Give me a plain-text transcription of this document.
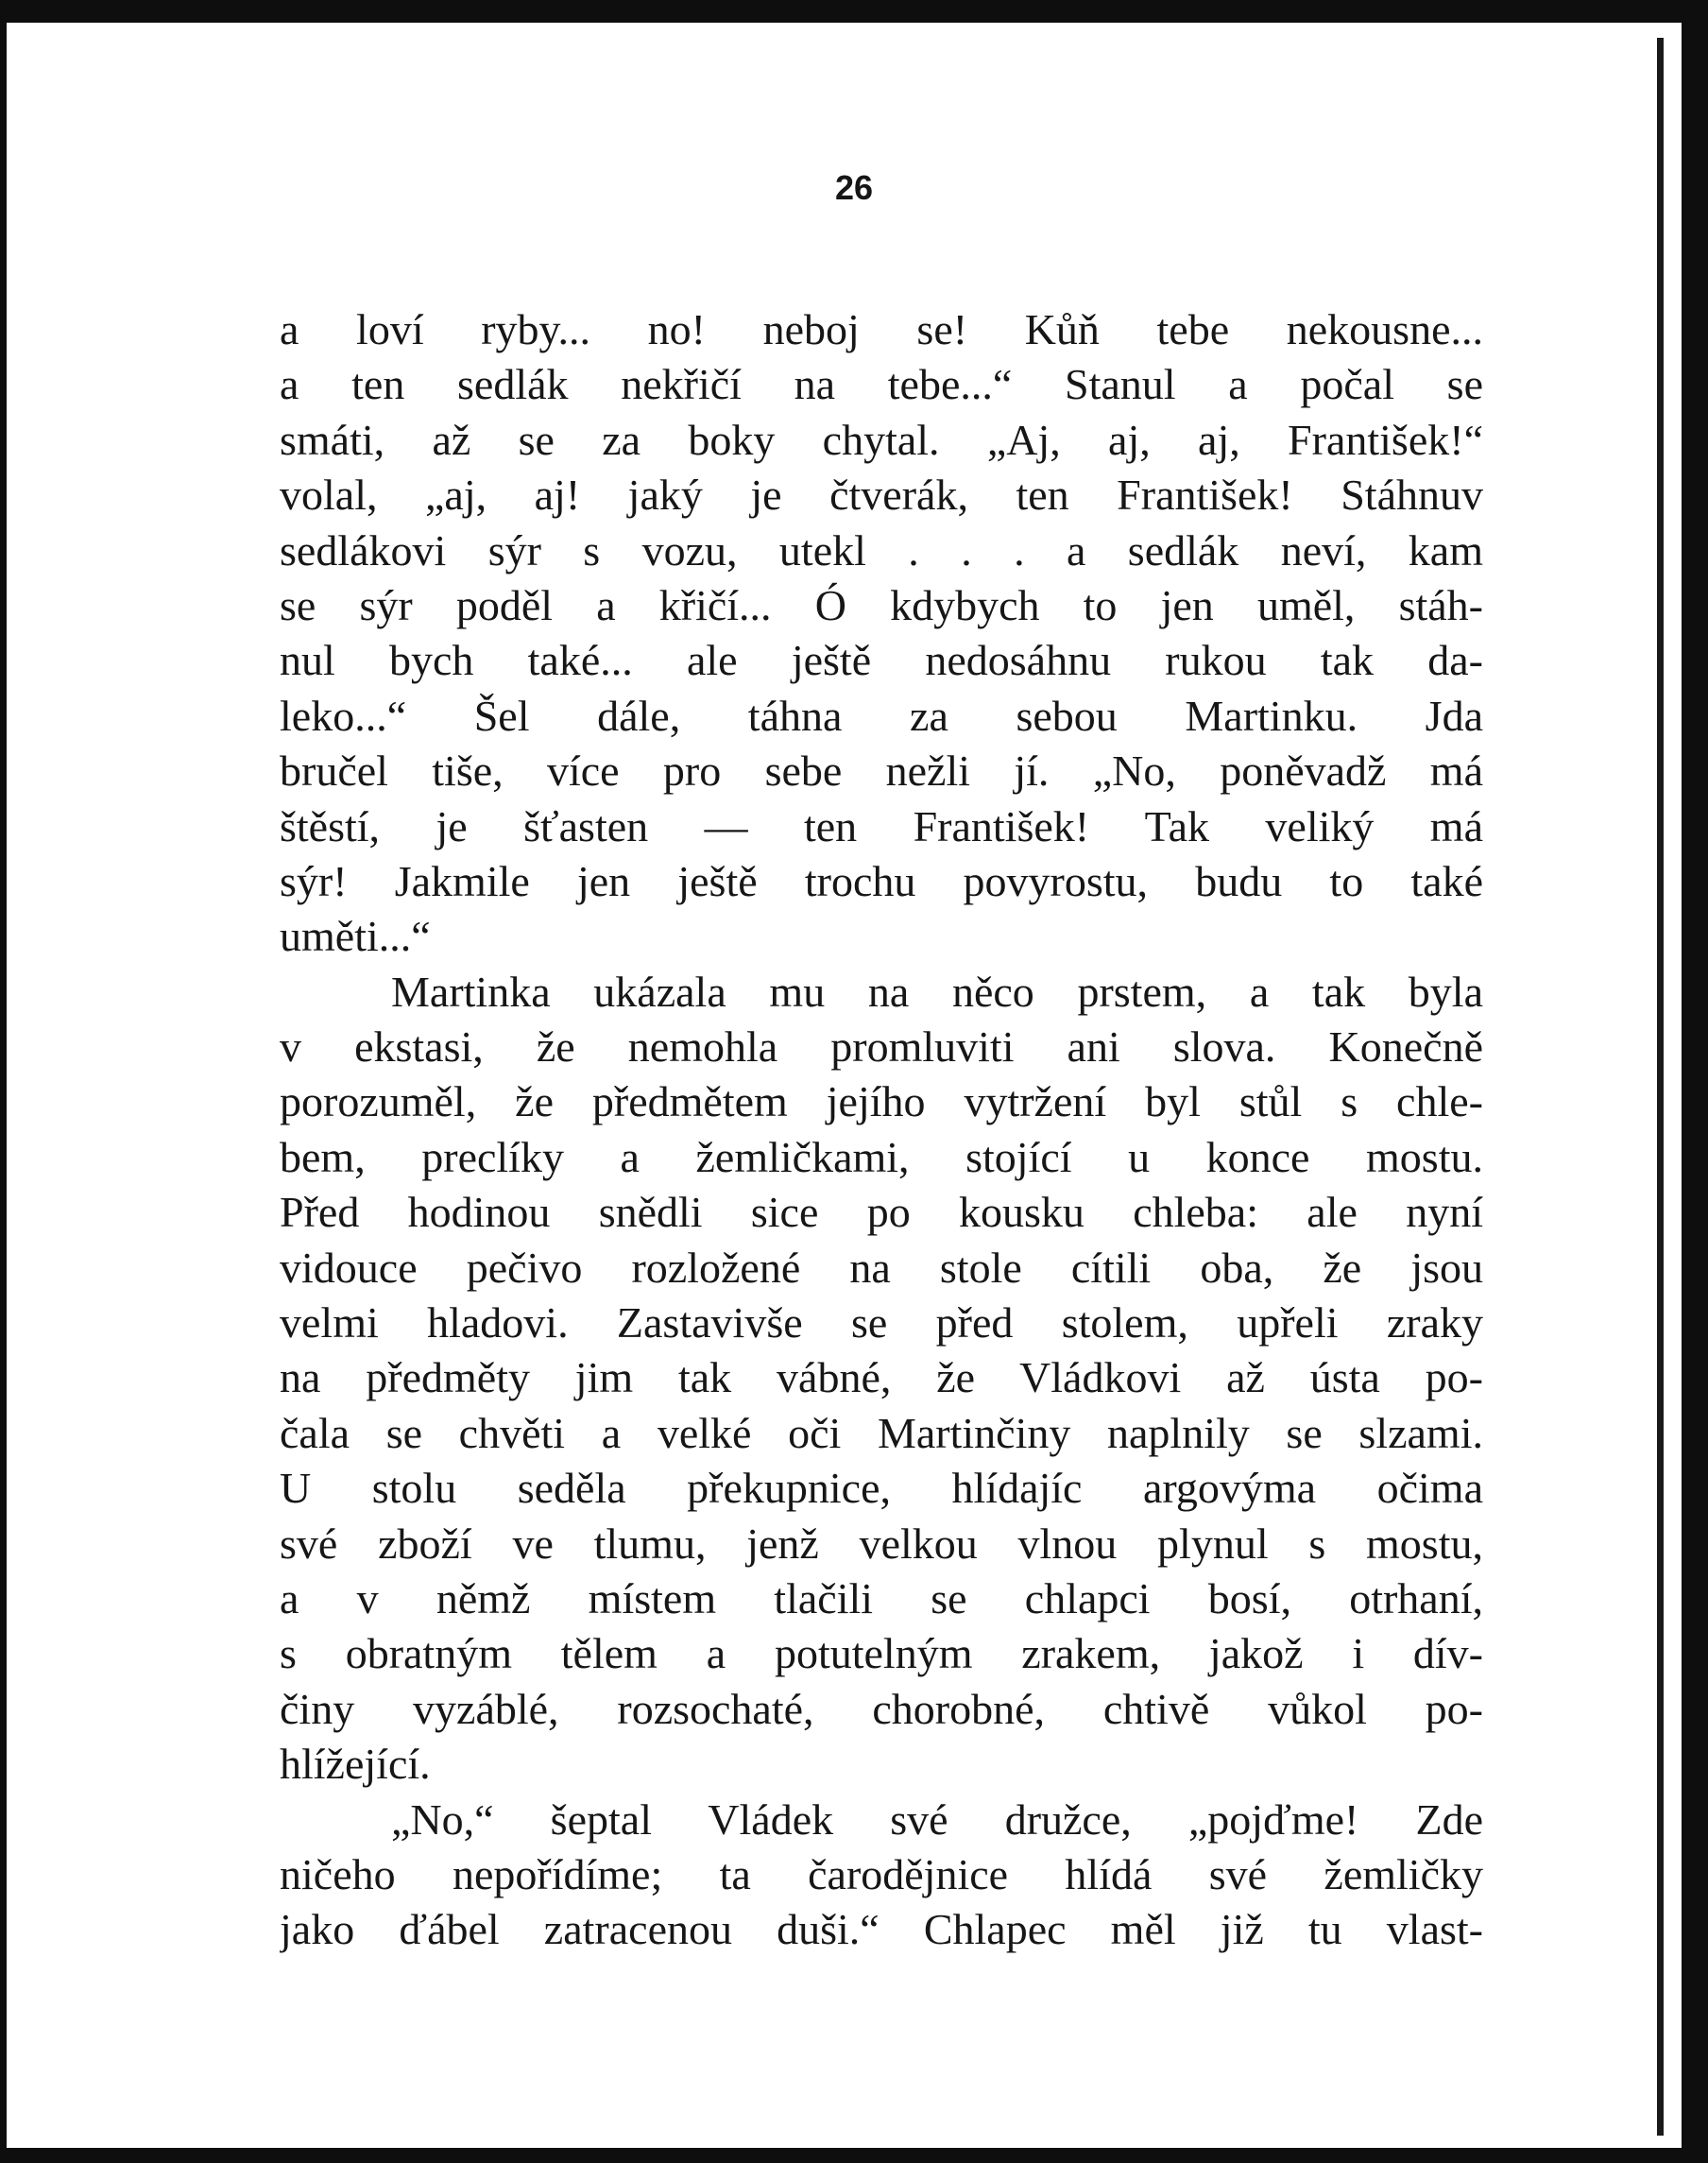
26
a loví ryby... no! neboj se! Kůň tebe nekousne...
a ten sedlák nekřičí na tebe...“ Stanul a počal se
smáti, až se za boky chytal. „Aj, aj, aj, František!“
volal, „aj, aj! jaký je čtverák, ten František! Stáhnuv
sedlákovi sýr s vozu, utekl . . . a sedlák neví, kam
se sýr poděl a křičí... Ó kdybych to jen uměl, stáh-
nul bych také... ale ještě nedosáhnu rukou tak da-
leko...“ Šel dále, táhna za sebou Martinku. Jda
bručel tiše, více pro sebe nežli jí. „No, poněvadž má
štěstí, je šťasten — ten František! Tak veliký má
sýr! Jakmile jen ještě trochu povyrostu, budu to také
uměti...“
Martinka ukázala mu na něco prstem, a tak byla
v ekstasi, že nemohla promluviti ani slova. Konečně
porozuměl, že předmětem jejího vytržení byl stůl s chle-
bem, preclíky a žemličkami, stojící u konce mostu.
Před hodinou snědli sice po kousku chleba: ale nyní
vidouce pečivo rozložené na stole cítili oba, že jsou
velmi hladovi. Zastavivše se před stolem, upřeli zraky
na předměty jim tak vábné, že Vládkovi až ústa po-
čala se chvěti a velké oči Martinčiny naplnily se slzami.
U stolu seděla překupnice, hlídajíc argovýma očima
své zboží ve tlumu, jenž velkou vlnou plynul s mostu,
a v němž místem tlačili se chlapci bosí, otrhaní,
s obratným tělem a potutelným zrakem, jakož i dív-
činy vyzáblé, rozsochaté, chorobné, chtivě vůkol po-
hlížející.
„No,“ šeptal Vládek své družce, „pojďme! Zde
ničeho nepořídíme; ta čarodějnice hlídá své žemličky
jako ďábel zatracenou duši.“ Chlapec měl již tu vlast-
